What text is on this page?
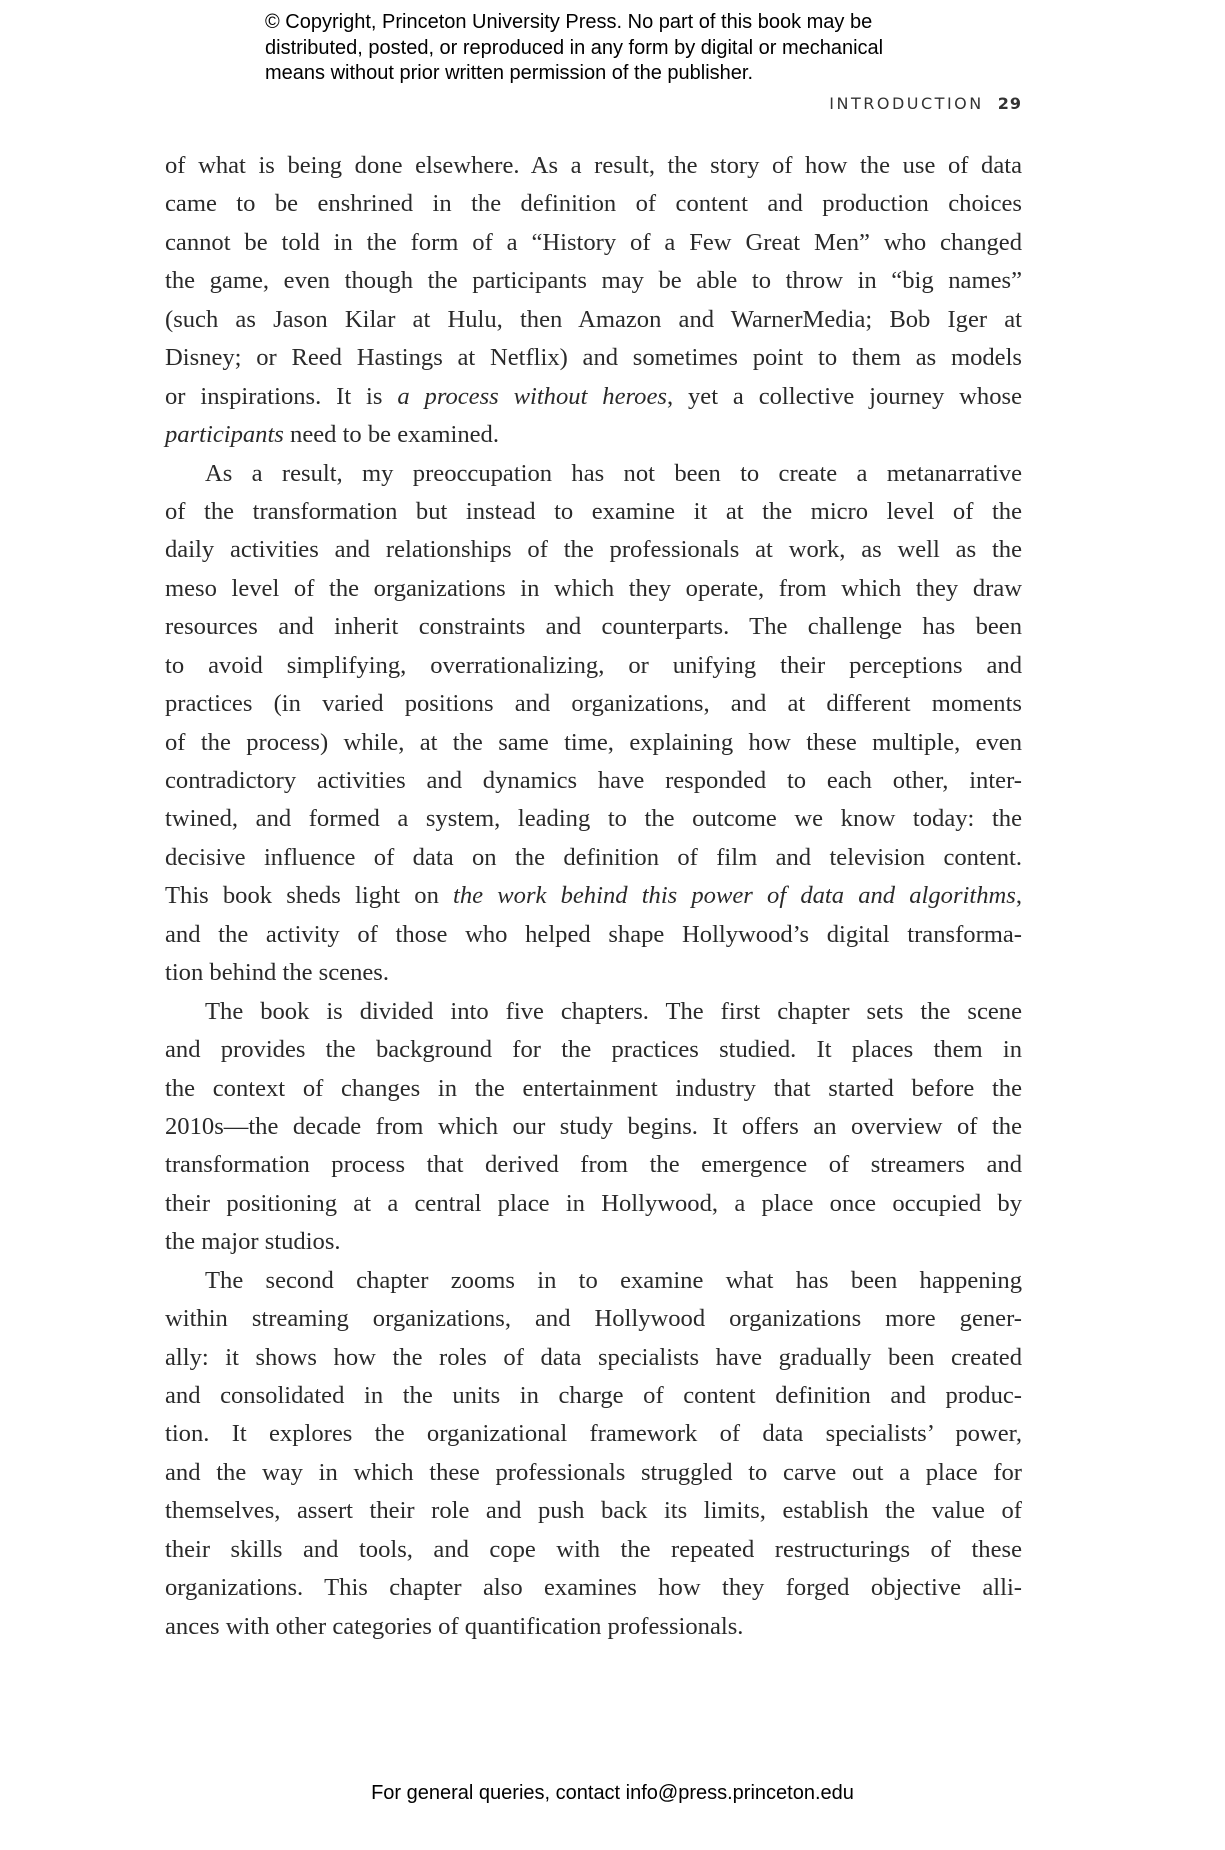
© Copyright, Princeton University Press. No part of this book may be
distributed, posted, or reproduced in any form by digital or mechanical
means without prior written permission of the publisher.
INTRODUCTION 29
of what is being done elsewhere. As a result, the story of how the use of data
came to be enshrined in the definition of content and production choices
cannot be told in the form of a “History of a Few Great Men” who changed
the game, even though the participants may be able to throw in “big names”
(such as Jason Kilar at Hulu, then Amazon and WarnerMedia; Bob Iger at
Disney; or Reed Hastings at Netflix) and sometimes point to them as models
or inspirations. It is a process without heroes, yet a collective journey whose
participants need to be examined.
As a result, my preoccupation has not been to create a metanarrative
of the transformation but instead to examine it at the micro level of the
daily activities and relationships of the professionals at work, as well as the
meso level of the organizations in which they operate, from which they draw
resources and inherit constraints and counterparts. The challenge has been
to avoid simplifying, overrationalizing, or unifying their perceptions and
practices (in varied positions and organizations, and at different moments
of the process) while, at the same time, explaining how these multiple, even
contradictory activities and dynamics have responded to each other, inter-
twined, and formed a system, leading to the outcome we know today: the
decisive influence of data on the definition of film and television content.
This book sheds light on the work behind this power of data and algorithms,
and the activity of those who helped shape Hollywood’s digital transforma-
tion behind the scenes.
The book is divided into five chapters. The first chapter sets the scene
and provides the background for the practices studied. It places them in
the context of changes in the entertainment industry that started before the
2010s—the decade from which our study begins. It offers an overview of the
transformation process that derived from the emergence of streamers and
their positioning at a central place in Hollywood, a place once occupied by
the major studios.
The second chapter zooms in to examine what has been happening
within streaming organizations, and Hollywood organizations more gener-
ally: it shows how the roles of data specialists have gradually been created
and consolidated in the units in charge of content definition and produc-
tion. It explores the organizational framework of data specialists’ power,
and the way in which these professionals struggled to carve out a place for
themselves, assert their role and push back its limits, establish the value of
their skills and tools, and cope with the repeated restructurings of these
organizations. This chapter also examines how they forged objective alli-
ances with other categories of quantification professionals.
For general queries, contact info@press.princeton.edu
